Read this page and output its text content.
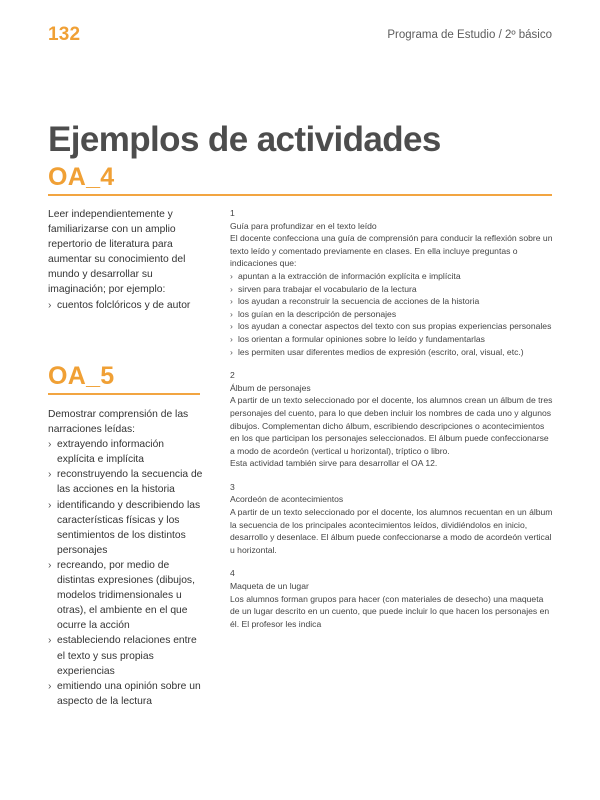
132	Programa de Estudio / 2º básico
Ejemplos de actividades
OA_4

Leer independientemente y familiarizarse con un amplio repertorio de literatura para aumentar su conocimiento del mundo y desarrollar su imaginación; por ejemplo:

› cuentos folclóricos y de autor
OA_5

Demostrar comprensión de las narraciones leídas:

› extrayendo información explícita e implícita
› reconstruyendo la secuencia de las acciones en la historia
› identificando y describiendo las características físicas y los sentimientos de los distintos personajes
› recreando, por medio de distintas expresiones (dibujos, modelos tridimensionales u otras), el ambiente en el que ocurre la acción
› estableciendo relaciones entre el texto y sus propias experiencias
› emitiendo una opinión sobre un aspecto de la lectura

1

Guía para profundizar en el texto leído

El docente confecciona una guía de comprensión para conducir la reflexión sobre un texto leído y comentado previamente en clases. En ella incluye preguntas o indicaciones que:

› apuntan a la extracción de información explícita e implícita
› sirven para trabajar el vocabulario de la lectura
› los ayudan a reconstruir la secuencia de acciones de la historia
› los guían en la descripción de personajes
› los ayudan a conectar aspectos del texto con sus propias experiencias personales
› los orientan a formular opiniones sobre lo leído y fundamentarlas
› les permiten usar diferentes medios de expresión (escrito, oral, visual, etc.)

2

Álbum de personajes

A partir de un texto seleccionado por el docente, los alumnos crean un álbum de tres personajes del cuento, para lo que deben incluir los nombres de cada uno y algunos dibujos. Complementan dicho álbum, escribiendo descripciones o acontecimientos en los que participan los personajes seleccionados. El álbum puede confeccionarse a modo de acordeón (vertical u horizontal), tríptico o libro.

Esta actividad también sirve para desarrollar el OA 12.

3

Acordeón de acontecimientos

A partir de un texto seleccionado por el docente, los alumnos recuentan en un álbum la secuencia de los principales acontecimientos leídos, dividiéndolos en inicio, desarrollo y desenlace. El álbum puede confeccionarse a modo de acordeón vertical u horizontal.

4

Maqueta de un lugar

Los alumnos forman grupos para hacer (con materiales de desecho) una maqueta de un lugar descrito en un cuento, que puede incluir lo que hacen los personajes en él. El profesor les indica
